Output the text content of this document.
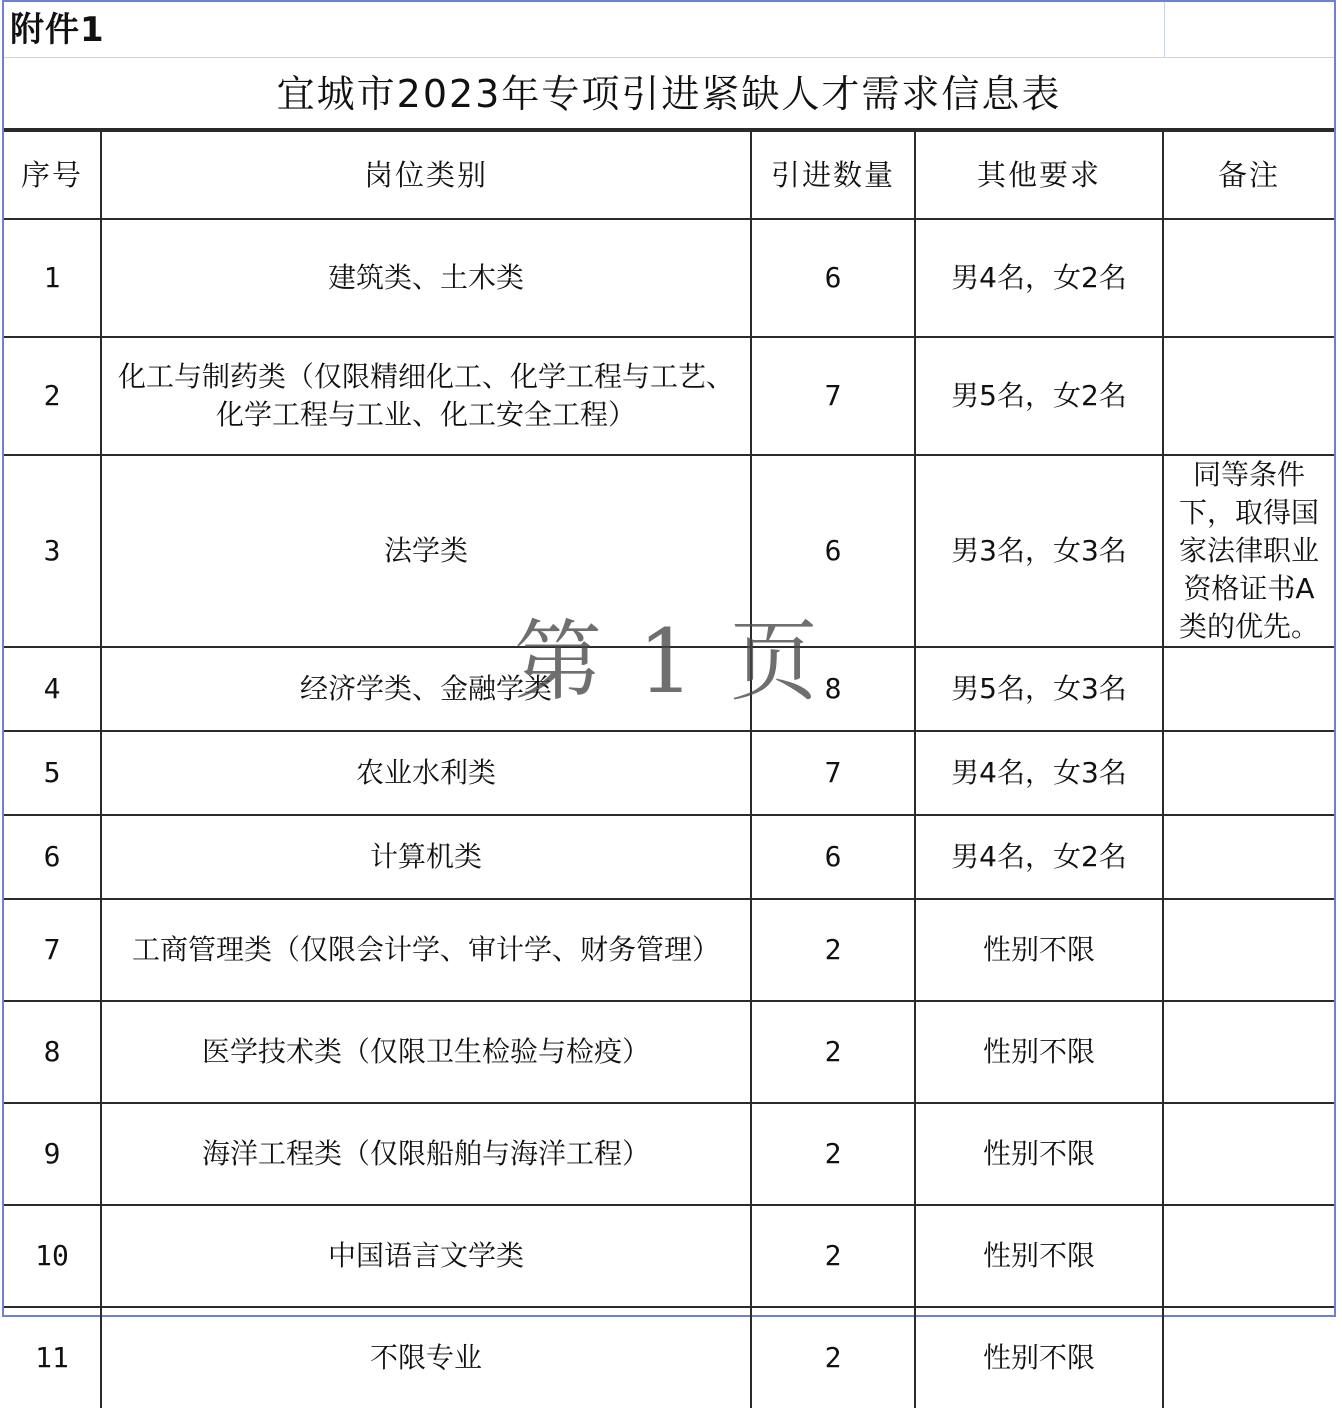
附件1
宜城市2023年专项引进紧缺人才需求信息表
序号	岗位类别	引进数量	其他要求	备注
1	建筑类、土木类	6	男4名，女2名	
2	化工与制药类（仅限精细化工、化学工程与工艺、化学工程与工业、化工安全工程）	7	男5名，女2名	
3	法学类	6	男3名，女3名	同等条件下，取得国家法律职业资格证书A类的优先。
4	经济学类、金融学类	8	男5名，女3名	
5	农业水利类	7	男4名，女3名	
6	计算机类	6	男4名，女2名	
7	工商管理类（仅限会计学、审计学、财务管理）	2	性别不限	
8	医学技术类（仅限卫生检验与检疫）	2	性别不限	
9	海洋工程类（仅限船舶与海洋工程）	2	性别不限	
10	中国语言文学类	2	性别不限	
11	不限专业	2	性别不限	
第 1 页
